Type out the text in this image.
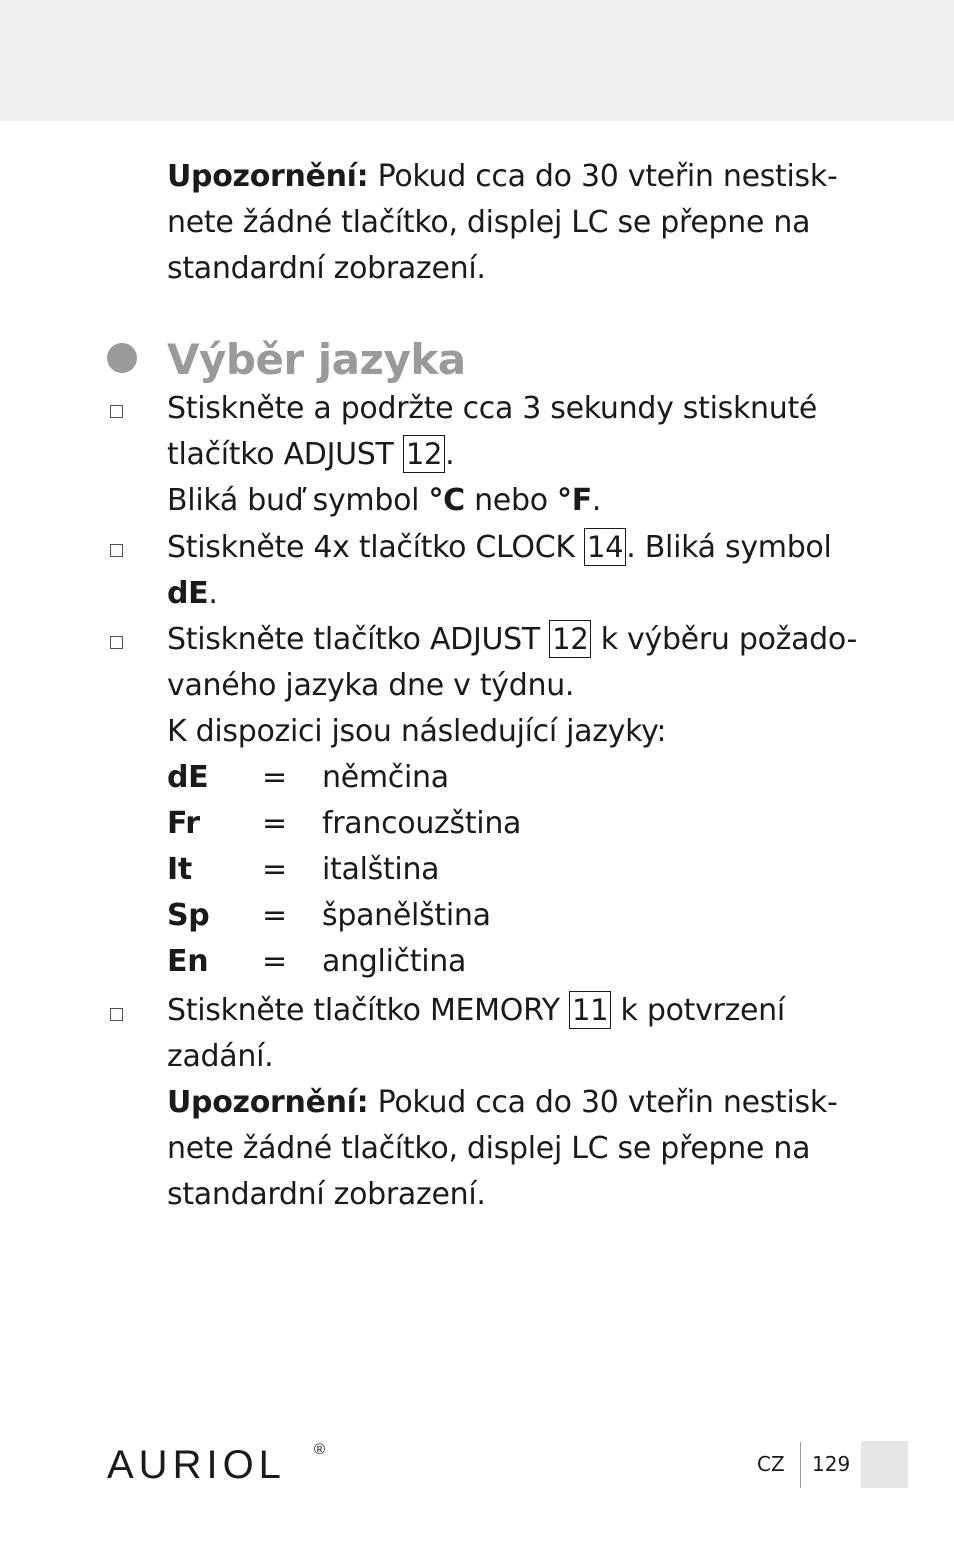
Upozornění: Pokud cca do 30 vteřin nestisk-

nete žádné tlačítko, displej LC se přepne na

standardní zobrazení.

Výběr jazyka

Stiskněte a podržte cca 3 sekundy stisknuté

tlačítko ADJUST 12 .

Bliká buď symbol °C nebo °F.

Stiskněte 4x tlačítko CLOCK 14 . Bliká symbol

dE.

Stiskněte tlačítko ADJUST 12 k výběru požado-

vaného jazyka dne v týdnu.

K dispozici jsou následující jazyky:

dE = němčina
Fr = francouzština
It = italština
Sp = španělština
En = angličtina

Stiskněte tlačítko MEMORY 11 k potvrzení

zadání.

Upozornění: Pokud cca do 30 vteřin nestisk-

nete žádné tlačítko, displej LC se přepne na

standardní zobrazení.

AURIOL ®
CZ 129
